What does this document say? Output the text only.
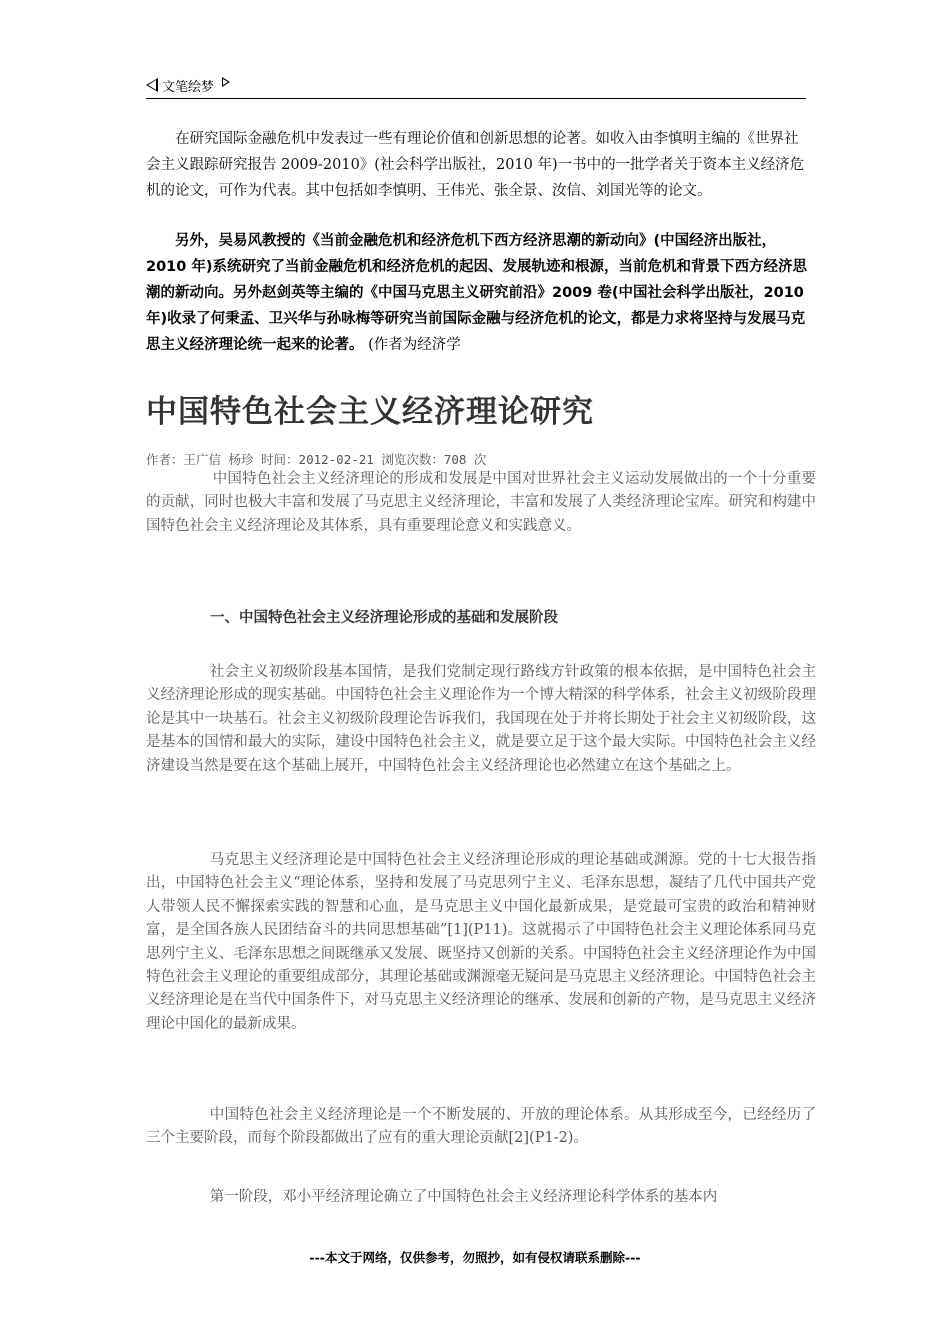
文笔绘梦

在研究国际金融危机中发表过一些有理论价值和创新思想的论著。如收入由李慎明主编的《世界社会主义跟踪研究报告 2009-2010》(社会科学出版社，2010 年)一书中的一批学者关于资本主义经济危机的论文，可作为代表。其中包括如李慎明、王伟光、张全景、汝信、刘国光等的论文。

另外，吴易风教授的《当前金融危机和经济危机下西方经济思潮的新动向》(中国经济出版社，2010 年)系统研究了当前金融危机和经济危机的起因、发展轨迹和根源，当前危机和背景下西方经济思潮的新动向。另外赵剑英等主编的《中国马克思主义研究前沿》2009 卷(中国社会科学出版社，2010 年)收录了何秉孟、卫兴华与孙咏梅等研究当前国际金融与经济危机的论文，都是力求将坚持与发展马克思主义经济理论统一起来的论著。 (作者为经济学

中国特色社会主义经济理论研究

作者：王广信 杨珍 时间：2012-02-21 浏览次数：708 次

中国特色社会主义经济理论的形成和发展是中国对世界社会主义运动发展做出的一个十分重要的贡献，同时也极大丰富和发展了马克思主义经济理论，丰富和发展了人类经济理论宝库。研究和构建中国特色社会主义经济理论及其体系，具有重要理论意义和实践意义。

一、中国特色社会主义经济理论形成的基础和发展阶段

社会主义初级阶段基本国情，是我们党制定现行路线方针政策的根本依据，是中国特色社会主义经济理论形成的现实基础。中国特色社会主义理论作为一个博大精深的科学体系，社会主义初级阶段理论是其中一块基石。社会主义初级阶段理论告诉我们，我国现在处于并将长期处于社会主义初级阶段，这是基本的国情和最大的实际，建设中国特色社会主义，就是要立足于这个最大实际。中国特色社会主义经济建设当然是要在这个基础上展开，中国特色社会主义经济理论也必然建立在这个基础之上。

马克思主义经济理论是中国特色社会主义经济理论形成的理论基础或渊源。党的十七大报告指出，中国特色社会主义“理论体系，坚持和发展了马克思列宁主义、毛泽东思想，凝结了几代中国共产党人带领人民不懈探索实践的智慧和心血，是马克思主义中国化最新成果，是党最可宝贵的政治和精神财富，是全国各族人民团结奋斗的共同思想基础”[1](P11)。这就揭示了中国特色社会主义理论体系同马克思列宁主义、毛泽东思想之间既继承又发展、既坚持又创新的关系。中国特色社会主义经济理论作为中国特色社会主义理论的重要组成部分，其理论基础或渊源毫无疑问是马克思主义经济理论。中国特色社会主义经济理论是在当代中国条件下，对马克思主义经济理论的继承、发展和创新的产物，是马克思主义经济理论中国化的最新成果。

中国特色社会主义经济理论是一个不断发展的、开放的理论体系。从其形成至今，已经经历了三个主要阶段，而每个阶段都做出了应有的重大理论贡献[2](P1-2)。

第一阶段，邓小平经济理论确立了中国特色社会主义经济理论科学体系的基本内

---本文于网络，仅供参考，勿照抄，如有侵权请联系删除---
